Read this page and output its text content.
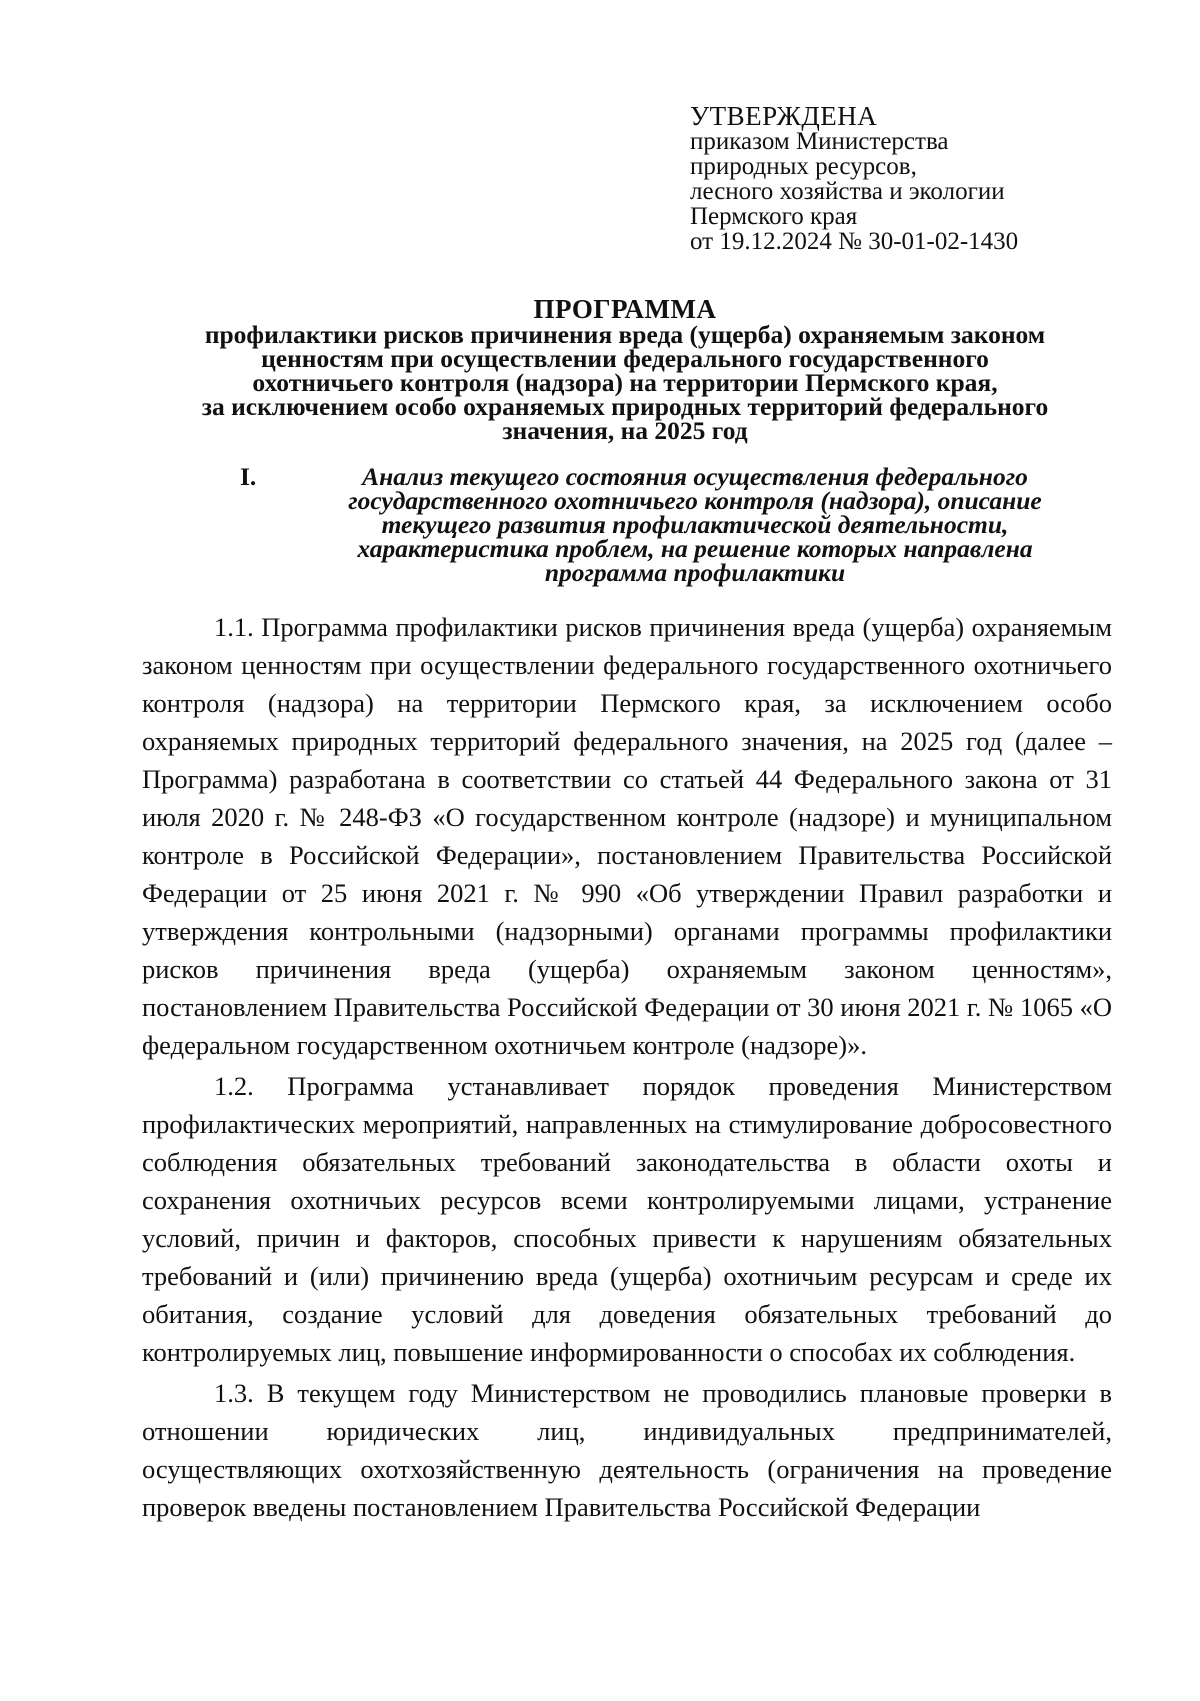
УТВЕРЖДЕНА
приказом Министерства
природных ресурсов,
лесного хозяйства и экологии
Пермского края
от 19.12.2024 № 30-01-02-1430
ПРОГРАММА
профилактики рисков причинения вреда (ущерба) охраняемым законом
ценностям при осуществлении федерального государственного
охотничьего контроля (надзора) на территории Пермского края,
за исключением особо охраняемых природных территорий федерального
значения, на 2025 год
I.	Анализ текущего состояния осуществления федерального
государственного охотничьего контроля (надзора), описание
текущего развития профилактической деятельности,
характеристика проблем, на решение которых направлена
программа профилактики

1.1. Программа профилактики рисков причинения вреда (ущерба) охраняемым законом ценностям при осуществлении федерального государственного охотничьего контроля (надзора) на территории Пермского края, за исключением особо охраняемых природных территорий федерального значения, на 2025 год (далее – Программа) разработана в соответствии со статьей 44 Федерального закона от 31 июля 2020 г. № 248-ФЗ «О государственном контроле (надзоре) и муниципальном контроле в Российской Федерации», постановлением Правительства Российской Федерации от 25 июня 2021 г. № 990 «Об утверждении Правил разработки и утверждения контрольными (надзорными) органами программы профилактики рисков причинения вреда (ущерба) охраняемым законом ценностям», постановлением Правительства Российской Федерации от 30 июня 2021 г. № 1065 «О федеральном государственном охотничьем контроле (надзоре)».

1.2. Программа устанавливает порядок проведения Министерством профилактических мероприятий, направленных на стимулирование добросовестного соблюдения обязательных требований законодательства в области охоты и сохранения охотничьих ресурсов всеми контролируемыми лицами, устранение условий, причин и факторов, способных привести к нарушениям обязательных требований и (или) причинению вреда (ущерба) охотничьим ресурсам и среде их обитания, создание условий для доведения обязательных требований до контролируемых лиц, повышение информированности о способах их соблюдения.

1.3. В текущем году Министерством не проводились плановые проверки в отношении юридических лиц, индивидуальных предпринимателей, осуществляющих охотхозяйственную деятельность (ограничения на проведение проверок введены постановлением Правительства Российской Федерации
